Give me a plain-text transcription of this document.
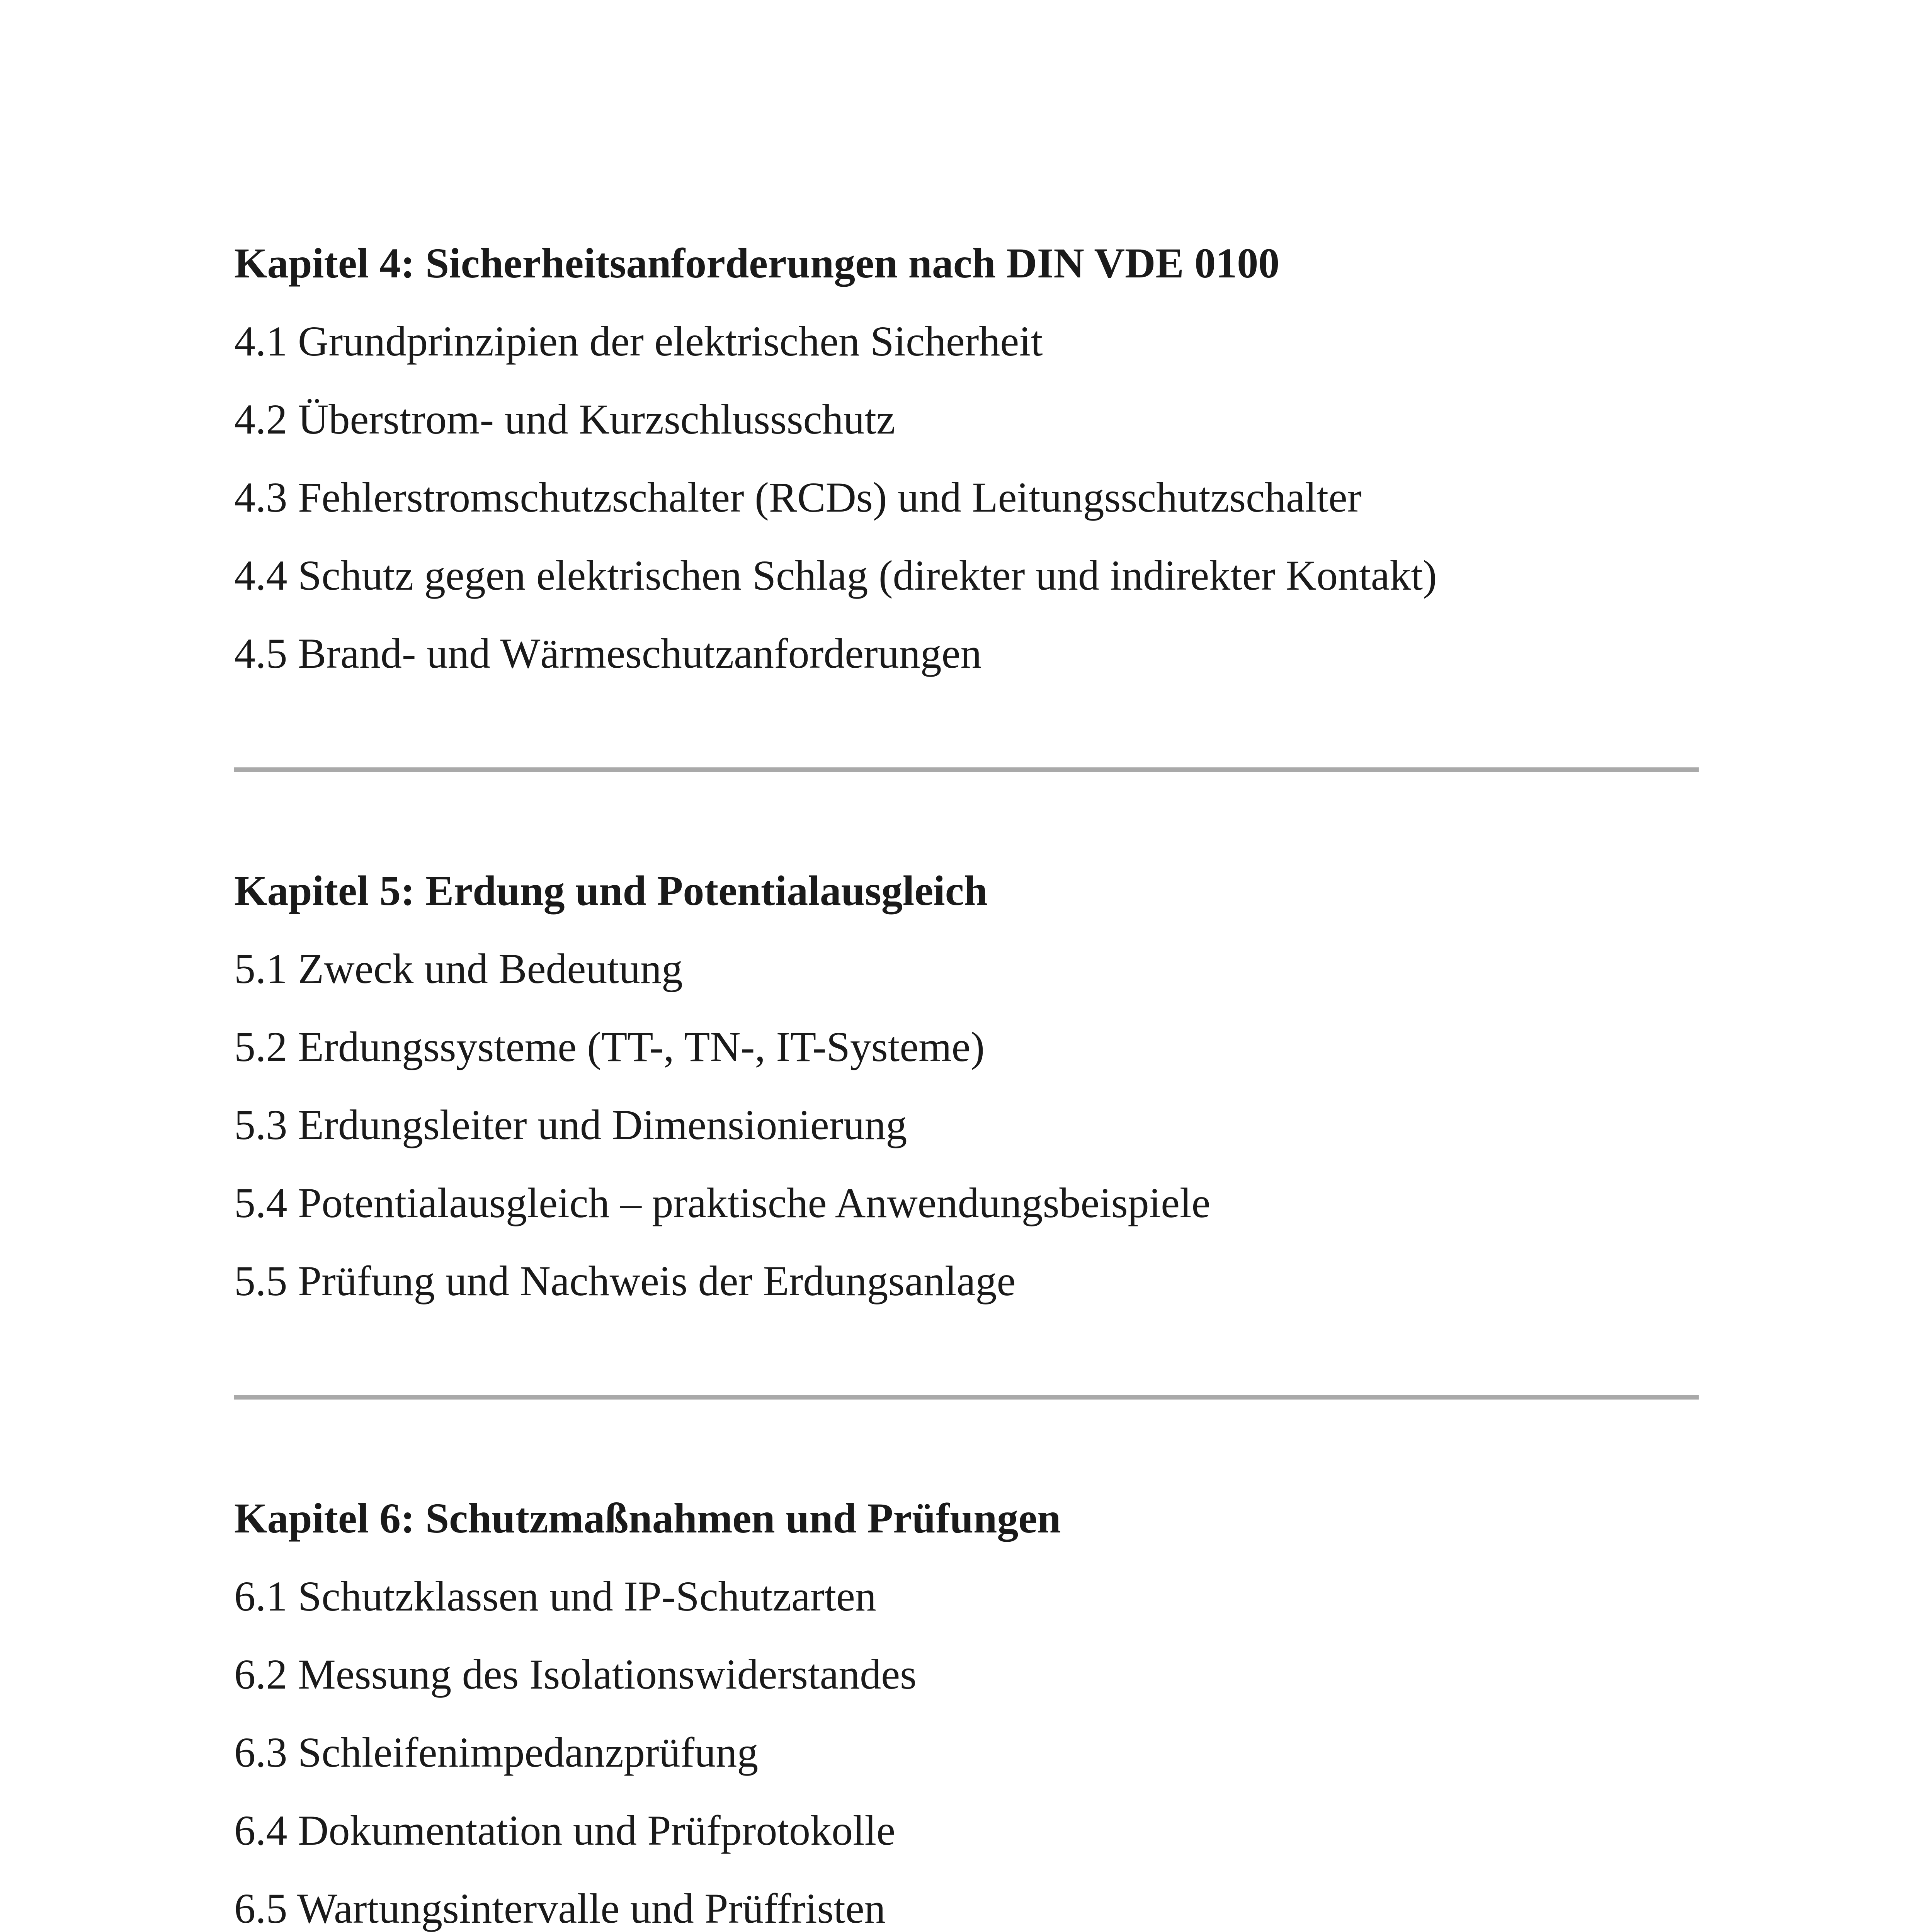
Kapitel 4: Sicherheitsanforderungen nach DIN VDE 0100
4.1 Grundprinzipien der elektrischen Sicherheit
4.2 Überstrom- und Kurzschlussschutz
4.3 Fehlerstromschutzschalter (RCDs) und Leitungsschutzschalter
4.4 Schutz gegen elektrischen Schlag (direkter und indirekter Kontakt)
4.5 Brand- und Wärmeschutzanforderungen
Kapitel 5: Erdung und Potentialausgleich
5.1 Zweck und Bedeutung
5.2 Erdungssysteme (TT-, TN-, IT-Systeme)
5.3 Erdungsleiter und Dimensionierung
5.4 Potentialausgleich – praktische Anwendungsbeispiele
5.5 Prüfung und Nachweis der Erdungsanlage
Kapitel 6: Schutzmaßnahmen und Prüfungen
6.1 Schutzklassen und IP-Schutzarten
6.2 Messung des Isolationswiderstandes
6.3 Schleifenimpedanzprüfung
6.4 Dokumentation und Prüfprotokolle
6.5 Wartungsintervalle und Prüffristen
